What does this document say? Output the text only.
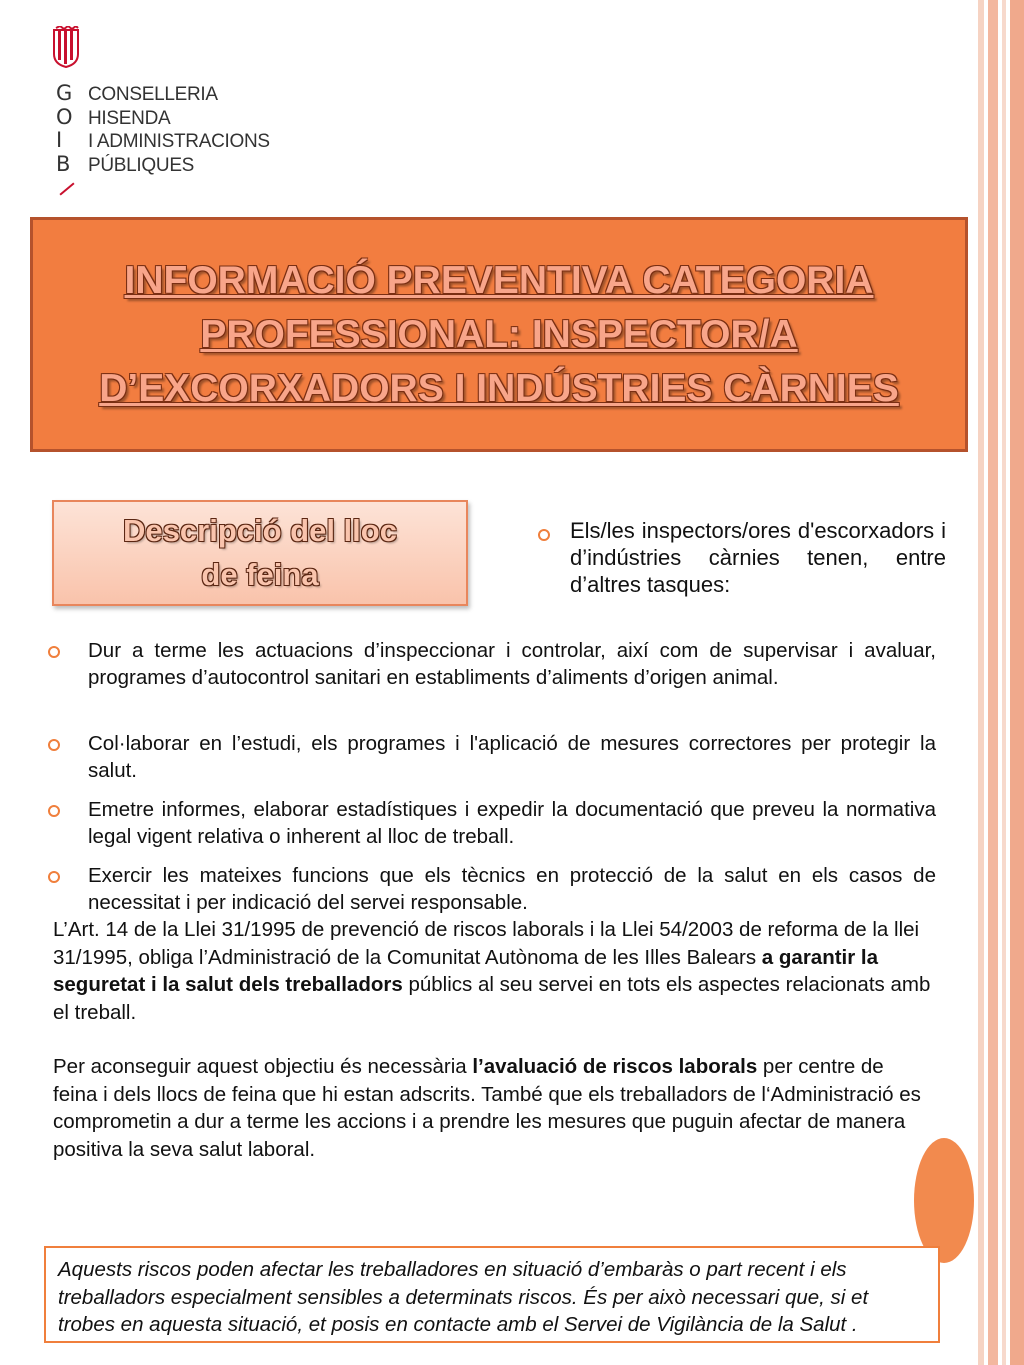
G
O
I
B
CONSELLERIA
HISENDA
I ADMINISTRACIONS
PÚBLIQUES
INFORMACIÓ PREVENTIVA CATEGORIA PROFESSIONAL: INSPECTOR/A D’EXCORXADORS I INDÚSTRIES CÀRNIES
Descripció del lloc
de feina
Els/les inspectors/ores d'escorxadors i d’indústries càrnies tenen, entre d’altres tasques:
Dur a terme les actuacions d’inspeccionar i controlar, així com de supervisar i avaluar, programes d’autocontrol sanitari en establiments d’aliments d’origen animal.
Col·laborar en l’estudi, els programes i l'aplicació de mesures correctores per protegir la salut.
Emetre informes, elaborar estadístiques i expedir la documentació que preveu la normativa legal vigent relativa o inherent al lloc de treball.
Exercir les mateixes funcions que els tècnics en protecció de la salut en els casos de necessitat i per indicació del servei responsable.
L’Art. 14 de la Llei 31/1995 de prevenció de riscos laborals i la Llei 54/2003 de reforma de la llei 31/1995, obliga l’Administració de la Comunitat Autònoma de les Illes Balears a garantir la seguretat i la salut dels treballadors públics al seu servei en tots els aspectes relacionats amb el treball.
Per aconseguir aquest objectiu és necessària l’avaluació de riscos laborals per centre de feina i dels llocs de feina que hi estan adscrits. També que els treballadors de l‘Administració es comprometin a dur a terme les accions i a prendre les mesures que puguin afectar de manera positiva la seva salut laboral.
Aquests riscos poden afectar les treballadores en situació d’embaràs o part recent i els treballadors especialment sensibles a determinats riscos. És per això necessari que, si et trobes en aquesta situació, et posis en contacte amb el Servei de Vigilància de la Salut .
